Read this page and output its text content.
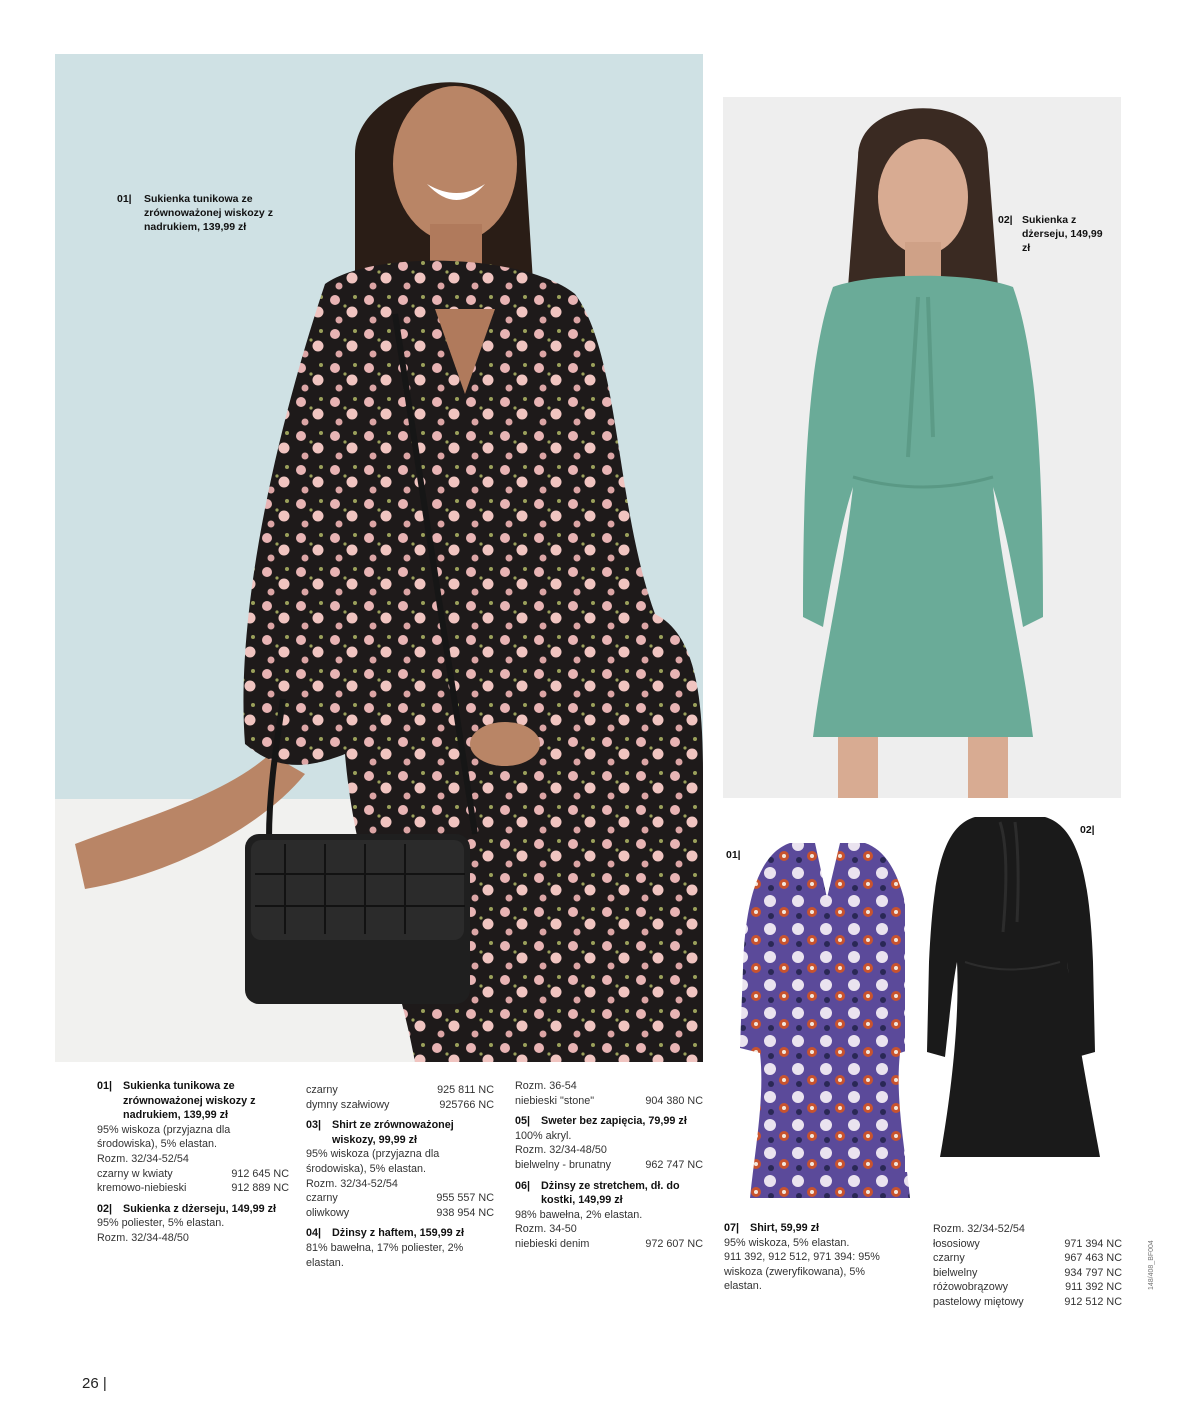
01| Sukienka tunikowa ze zrównoważonej wiskozy z nadrukiem, 139,99 zł
02| Sukienka z dżerseju, 149,99 zł
01|
02|
01|	Sukienka tunikowa ze zrównoważonej wiskozy z nadrukiem, 139,99 zł
95% wiskoza (przyjazna dla środowiska), 5% elastan.
Rozm. 32/34-52/54
czarny w kwiaty	912 645 NC
kremowo-niebieski	912 889 NC
02|	Sukienka z dżerseju, 149,99 zł
95% poliester, 5% elastan.
Rozm. 32/34-48/50
czarny	925 811 NC
dymny szałwiowy	925766 NC
03|	Shirt ze zrównoważonej wiskozy, 99,99 zł
95% wiskoza (przyjazna dla środowiska), 5% elastan.
Rozm. 32/34-52/54
czarny	955 557 NC
oliwkowy	938 954 NC
04|	Dżinsy z haftem, 159,99 zł
81% bawełna, 17% poliester, 2% elastan.
Rozm. 36-54
niebieski "stone"	904 380 NC
05|	Sweter bez zapięcia, 79,99 zł
100% akryl.
Rozm. 32/34-48/50
bielwelny - brunatny	962 747 NC
06|	Dżinsy ze stretchem, dł. do kostki, 149,99 zł
98% bawełna, 2% elastan.
Rozm. 34-50
niebieski denim	972 607 NC
07|	Shirt, 59,99 zł
95% wiskoza, 5% elastan.
911 392, 912 512, 971 394: 95% wiskoza (zweryfikowana), 5% elastan.
Rozm. 32/34-52/54
łososiowy	971 394 NC
czarny	967 463 NC
bielwelny	934 797 NC
różowobrązowy	911 392 NC
pastelowy miętowy	912 512 NC
26 |
148/408_BF004
